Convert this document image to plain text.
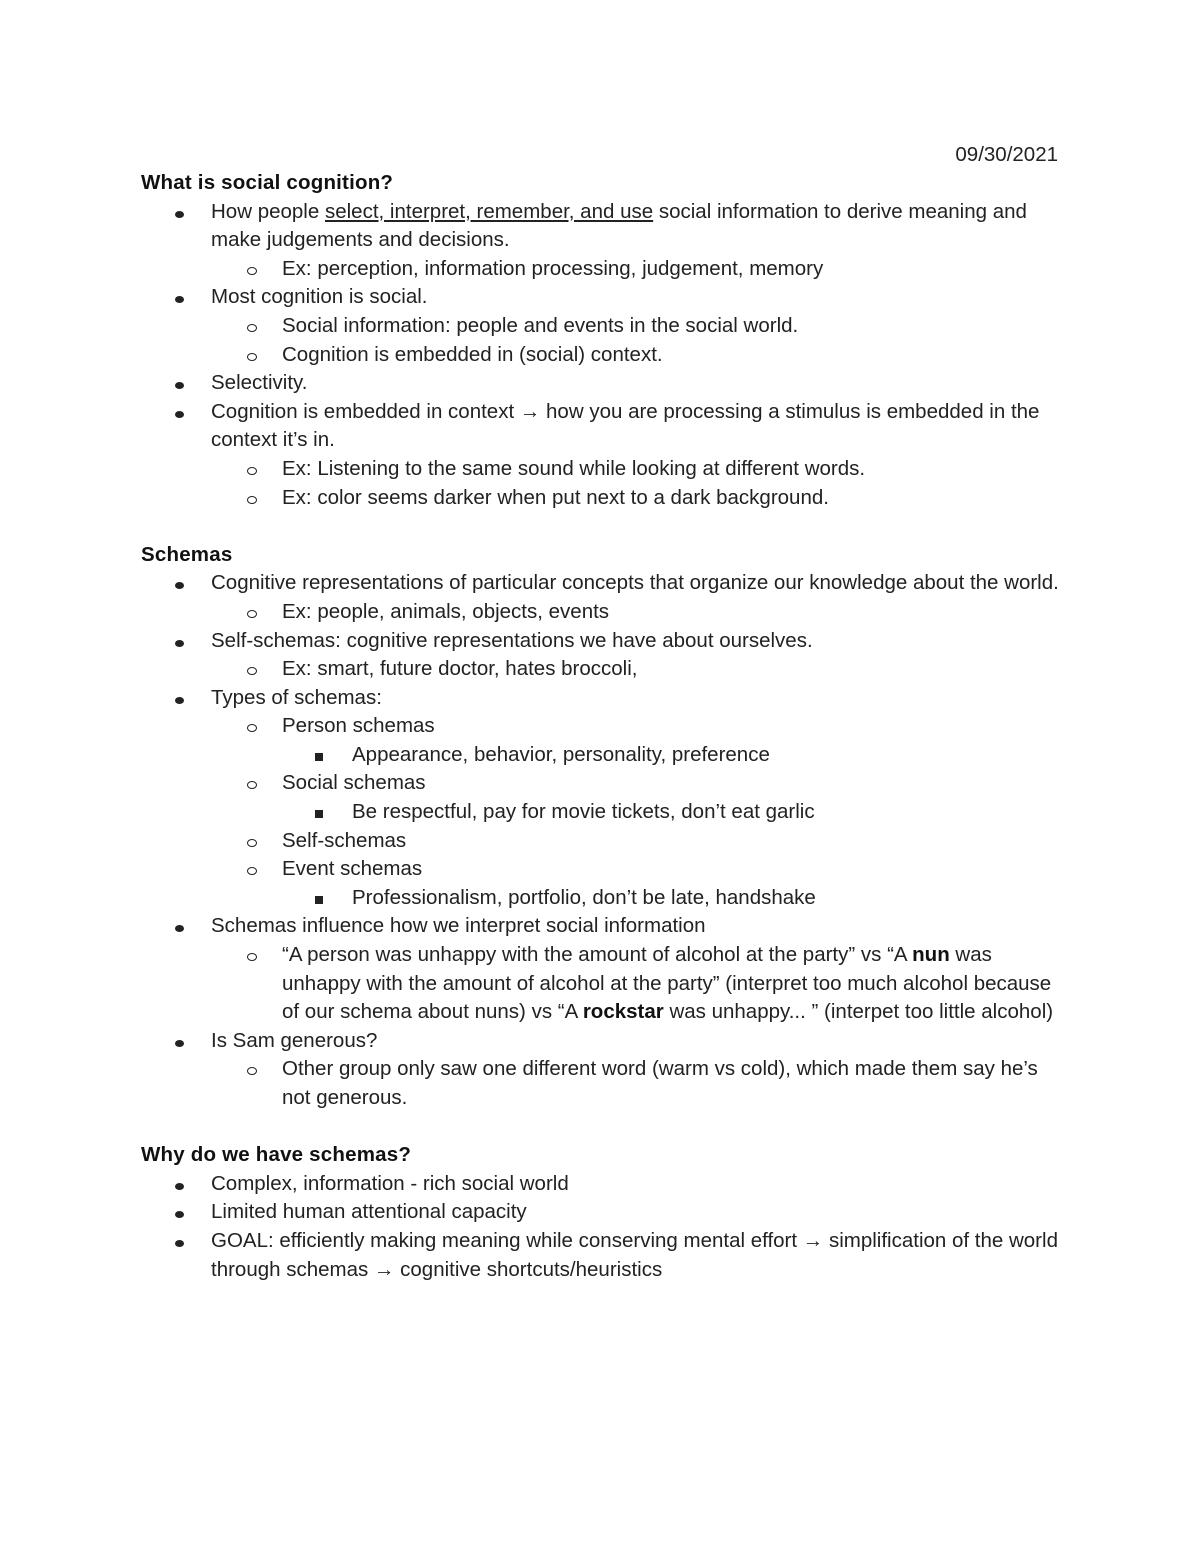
09/30/2021
What is social cognition?
How people select, interpret, remember, and use social information to derive meaning and make judgements and decisions.
Ex: perception, information processing, judgement, memory
Most cognition is social.
Social information: people and events in the social world.
Cognition is embedded in (social) context.
Selectivity.
Cognition is embedded in context → how you are processing a stimulus is embedded in the context it’s in.
Ex: Listening to the same sound while looking at different words.
Ex: color seems darker when put next to a dark background.
Schemas
Cognitive representations of particular concepts that organize our knowledge about the world.
Ex: people, animals, objects, events
Self-schemas: cognitive representations we have about ourselves.
Ex: smart, future doctor, hates broccoli,
Types of schemas:
Person schemas
Appearance, behavior, personality, preference
Social schemas
Be respectful, pay for movie tickets, don’t eat garlic
Self-schemas
Event schemas
Professionalism, portfolio, don’t be late, handshake
Schemas influence how we interpret social information
“A person was unhappy with the amount of alcohol at the party” vs “A nun was unhappy with the amount of alcohol at the party” (interpret too much alcohol because of our schema about nuns) vs “A rockstar was unhappy... ” (interpet too little alcohol)
Is Sam generous?
Other group only saw one different word (warm vs cold), which made them say he’s not generous.
Why do we have schemas?
Complex, information - rich social world
Limited human attentional capacity
GOAL: efficiently making meaning while conserving mental effort → simplification of the world through schemas → cognitive shortcuts/heuristics
